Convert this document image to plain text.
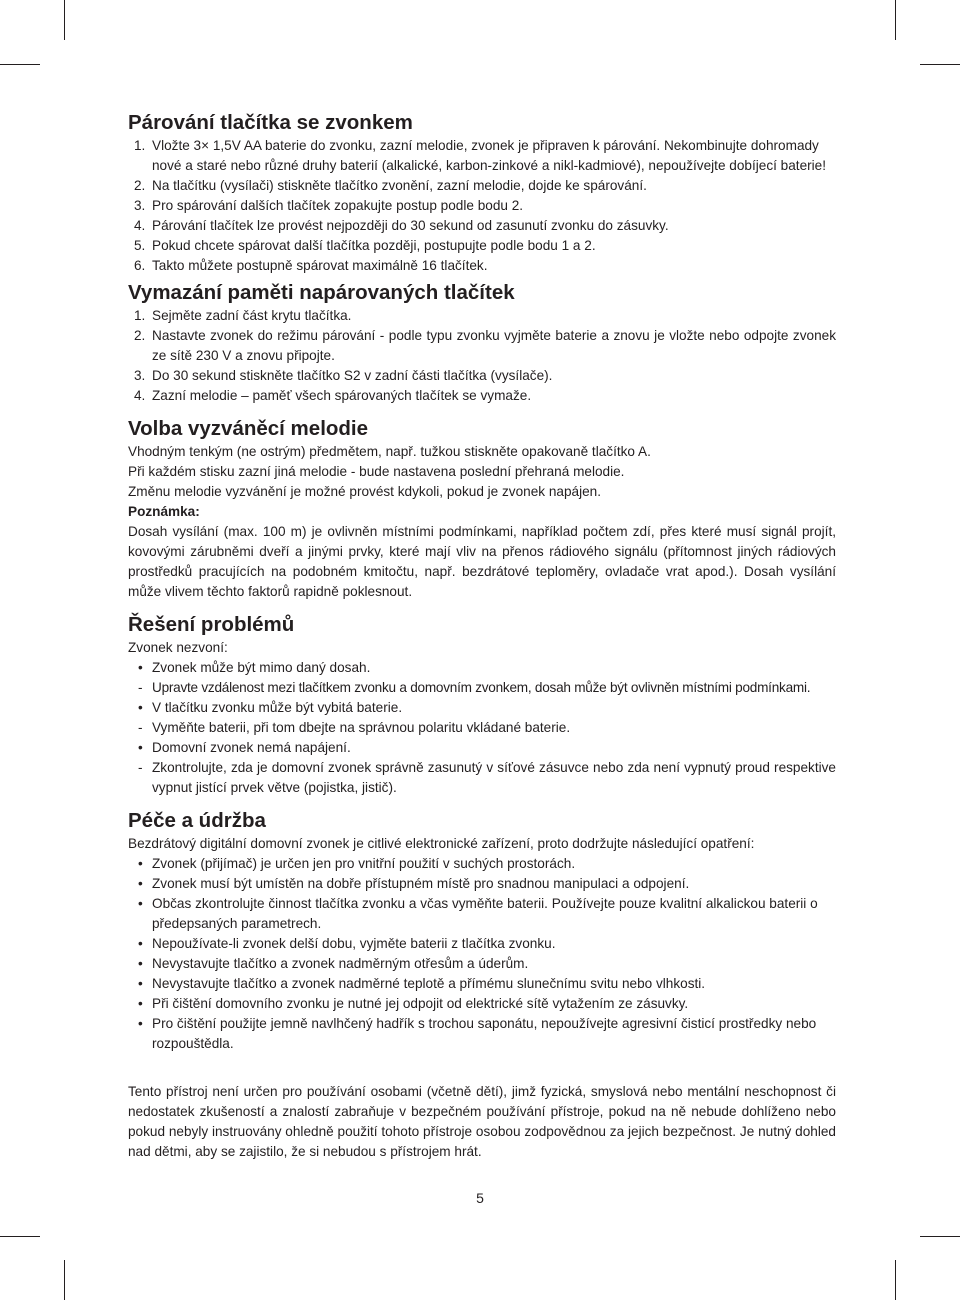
Párování tlačítka se zvonkem
1. Vložte 3× 1,5V AA baterie do zvonku, zazní melodie, zvonek je připraven k párování. Nekombinujte dohromady nové a staré nebo různé druhy baterií (alkalické, karbon-zinkové a nikl-kadmiové), nepoužívejte dobíjecí baterie!
2. Na tlačítku (vysílači) stiskněte tlačítko zvonění, zazní melodie, dojde ke spárování.
3. Pro spárování dalších tlačítek zopakujte postup podle bodu 2.
4. Párování tlačítek lze provést nejpozději do 30 sekund od zasunutí zvonku do zásuvky.
5. Pokud chcete spárovat další tlačítka později, postupujte podle bodu 1 a 2.
6. Takto můžete postupně spárovat maximálně 16 tlačítek.
Vymazání paměti napárovaných tlačítek
1. Sejměte zadní část krytu tlačítka.
2. Nastavte zvonek do režimu párování - podle typu zvonku vyjměte baterie a znovu je vložte nebo odpojte zvonek ze sítě 230 V a znovu připojte.
3. Do 30 sekund stiskněte tlačítko S2 v zadní části tlačítka (vysílače).
4. Zazní melodie – paměť všech spárovaných tlačítek se vymaže.
Volba vyzváněcí melodie

Vhodným tenkým (ne ostrým) předmětem, např. tužkou stiskněte opakovaně tlačítko A.

Při každém stisku zazní jiná melodie - bude nastavena poslední přehraná melodie.

Změnu melodie vyzvánění je možné provést kdykoli, pokud je zvonek napájen.

Poznámka:

Dosah vysílání (max. 100 m) je ovlivněn místními podmínkami, například počtem zdí, přes které musí signál projít, kovovými zárubněmi dveří a jinými prvky, které mají vliv na přenos rádiového signálu (přítomnost jiných rádiových prostředků pracujících na podobném kmitočtu, např. bezdrátové teploměry, ovladače vrat apod.). Dosah vysílání může vlivem těchto faktorů rapidně poklesnout.

Řešení problémů

Zvonek nezvoní:

• Zvonek může být mimo daný dosah.
- Upravte vzdálenost mezi tlačítkem zvonku a domovním zvonkem, dosah může být ovlivněn místními podmínkami.
• V tlačítku zvonku může být vybitá baterie.
- Vyměňte baterii, při tom dbejte na správnou polaritu vkládané baterie.
• Domovní zvonek nemá napájení.
- Zkontrolujte, zda je domovní zvonek správně zasunutý v síťové zásuvce nebo zda není vypnutý proud respektive vypnut jistící prvek větve (pojistka, jistič).
Péče a údržba

Bezdrátový digitální domovní zvonek je citlivé elektronické zařízení, proto dodržujte následující opatření:

• Zvonek (přijímač) je určen jen pro vnitřní použití v suchých prostorách.
• Zvonek musí být umístěn na dobře přístupném místě pro snadnou manipulaci a odpojení.
• Občas zkontrolujte činnost tlačítka zvonku a včas vyměňte baterii. Používejte pouze kvalitní alkalickou baterii o předepsaných parametrech.
• Nepoužívate-li zvonek delší dobu, vyjměte baterii z tlačítka zvonku.
• Nevystavujte tlačítko a zvonek nadměrným otřesům a úderům.
• Nevystavujte tlačítko a zvonek nadměrné teplotě a přímému slunečnímu svitu nebo vlhkosti.
• Při čištění domovního zvonku je nutné jej odpojit od elektrické sítě vytažením ze zásuvky.
• Pro čištění použijte jemně navlhčený hadřík s trochou saponátu, nepoužívejte agresivní čisticí prostředky nebo rozpouštědla.

Tento přístroj není určen pro používání osobami (včetně dětí), jimž fyzická, smyslová nebo mentální neschopnost či nedostatek zkušeností a znalostí zabraňuje v bezpečném používání přístroje, pokud na ně nebude dohlíženo nebo pokud nebyly instruovány ohledně použití tohoto přístroje osobou zodpovědnou za jejich bezpečnost. Je nutný dohled nad dětmi, aby se zajistilo, že si nebudou s přístrojem hrát.

5
